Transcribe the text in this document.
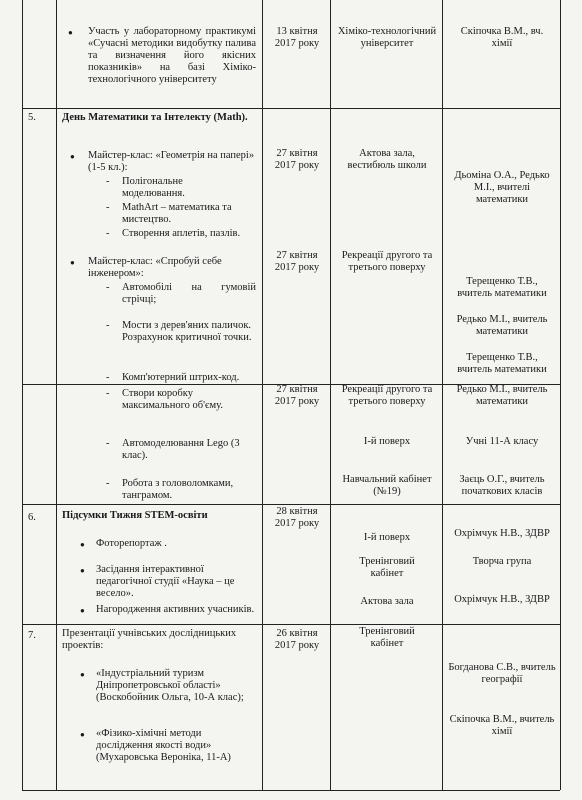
● Участь у лабораторному практикумі «Сучасні методики видобутку палива та визначення його якісних показників» на базі Хіміко-технологічного університету
13 квітня 2017 року
Хіміко-технологічний університет
Скіпочка В.М., вч. хімії
5. День Математики та Інтелекту (Math).
● Майстер-клас: «Геометрія на папері» (1-5 кл.):
- Полігональне моделювання.
- MathArt – математика та мистецтво.
- Створення аплетів, пазлів.
● Майстер-клас: «Спробуй себе інженером»:
- Автомобілі на гумовій стрічці;
- Мости з дерев'яних паличок. Розрахунок критичної точки.
- Комп'ютерний штрих-код.
27 квітня 2017 року
27 квітня 2017 року
Актова зала, вестибюль школи
Рекреації другого та третього поверху
Дьоміна О.А., Редько М.І., вчителі математики
Терещенко Т.В., вчитель математики
Редько М.І., вчитель математики
Терещенко Т.В., вчитель математики
- Створи коробку максимального об'єму.
- Автомоделювання Lego (3 клас).
- Робота з головоломками, танграмом.
27 квітня 2017 року
Рекреації другого та третього поверху
І-й поверх
Навчальний кабінет (№19)
Редько М.І., вчитель математики
Учні 11-А класу
Заєць О.Г., вчитель початкових класів
6. Підсумки Тижня STEM-освіти
● Фоторепортаж .
● Засідання інтерактивної педагогічної студії «Наука – це весело».
● Нагородження активних учасників.
28 квітня 2017 року
І-й поверх
Тренінговий кабінет
Актова зала
Охрімчук Н.В., ЗДВР
Творча група
Охрімчук Н.В., ЗДВР
7. Презентації учнівських дослідницьких проектів:
● «Індустріальний туризм Дніпропетровської області» (Воскобойник Ольга, 10-А клас);
● «Фізико-хімічні методи дослідження якості води» (Мухаровська Вероніка, 11-А)
26 квітня 2017 року
Тренінговий кабінет
Богданова С.В., вчитель географії
Скіпочка В.М., вчитель хімії
